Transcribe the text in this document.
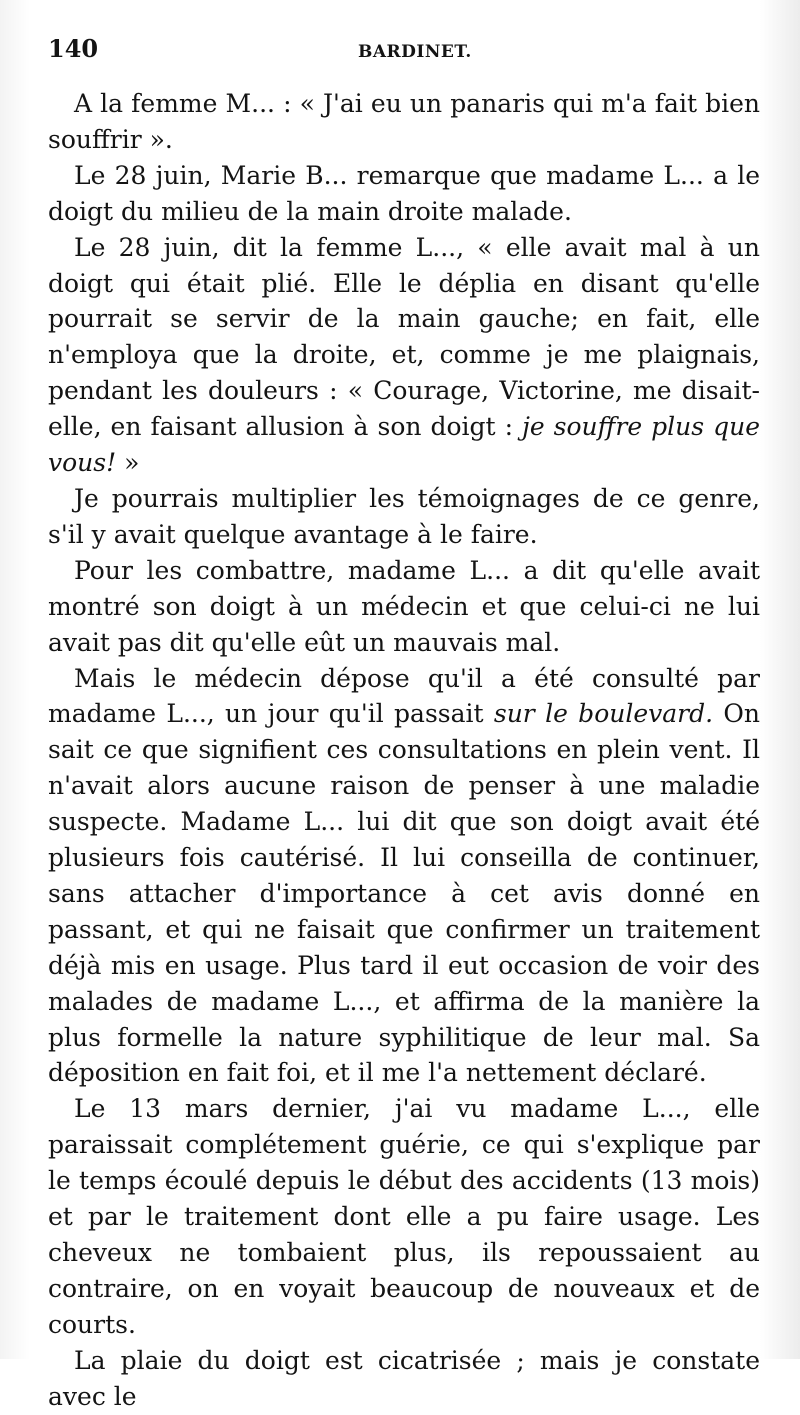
140	BARDINET.

A la femme M... : « J'ai eu un panaris qui m'a fait bien souffrir ».

Le 28 juin, Marie B... remarque que madame L... a le doigt du milieu de la main droite malade.

Le 28 juin, dit la femme L..., « elle avait mal à un doigt qui était plié. Elle le déplia en disant qu'elle pourrait se servir de la main gauche; en fait, elle n'employa que la droite, et, comme je me plaignais, pendant les douleurs : « Courage, Victorine, me disait-elle, en faisant allusion à son doigt : je souffre plus que vous! »

Je pourrais multiplier les témoignages de ce genre, s'il y avait quelque avantage à le faire.

Pour les combattre, madame L... a dit qu'elle avait montré son doigt à un médecin et que celui-ci ne lui avait pas dit qu'elle eût un mauvais mal.

Mais le médecin dépose qu'il a été consulté par madame L..., un jour qu'il passait sur le boulevard. On sait ce que signifient ces consultations en plein vent. Il n'avait alors aucune raison de penser à une maladie suspecte. Madame L... lui dit que son doigt avait été plusieurs fois cautérisé. Il lui conseilla de continuer, sans attacher d'importance à cet avis donné en passant, et qui ne faisait que confirmer un traitement déjà mis en usage. Plus tard il eut occasion de voir des malades de madame L..., et affirma de la manière la plus formelle la nature syphilitique de leur mal. Sa déposition en fait foi, et il me l'a nettement déclaré.

Le 13 mars dernier, j'ai vu madame L..., elle paraissait complétement guérie, ce qui s'explique par le temps écoulé depuis le début des accidents (13 mois) et par le traitement dont elle a pu faire usage. Les cheveux ne tombaient plus, ils repoussaient au contraire, on en voyait beaucoup de nouveaux et de courts.

La plaie du doigt est cicatrisée ; mais je constate avec le
